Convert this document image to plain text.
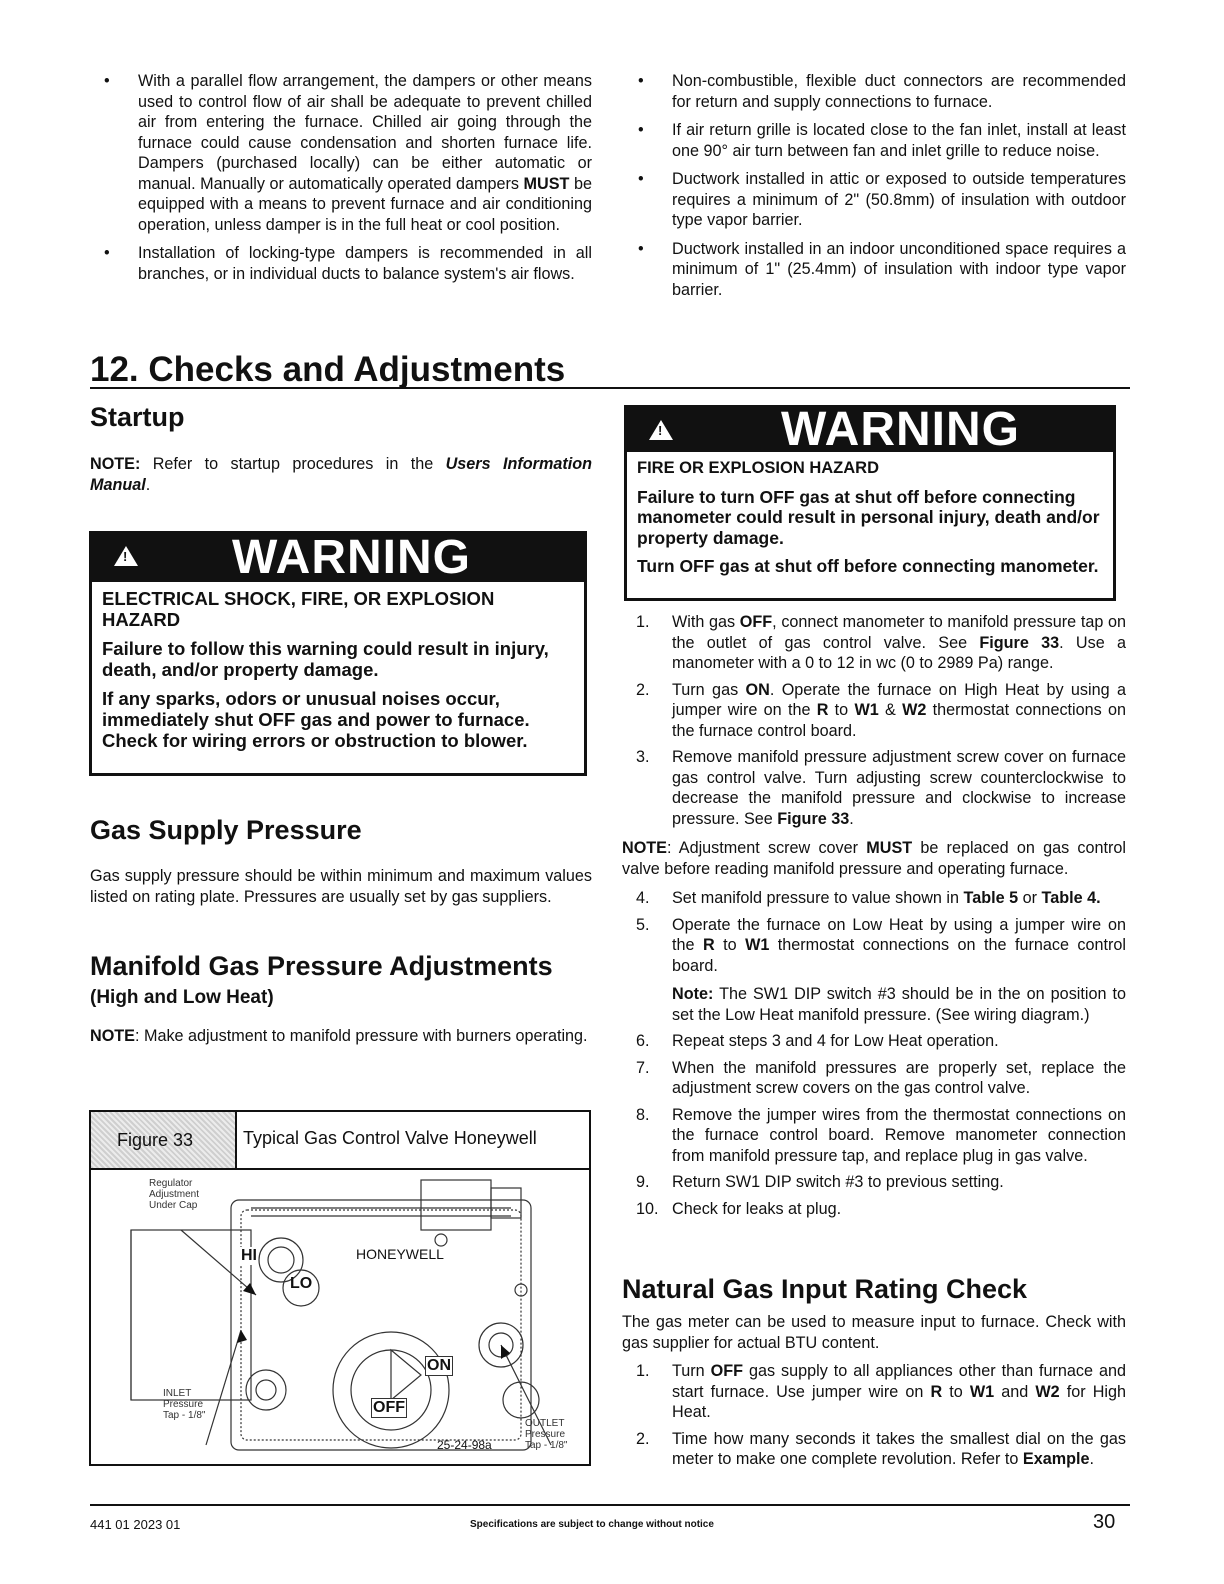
• With a parallel flow arrangement, the dampers or other means used to control flow of air shall be adequate to prevent chilled air from entering the furnace. Chilled air going through the furnace could cause condensation and shorten furnace life. Dampers (purchased locally) can be either automatic or manual. Manually or automatically operated dampers MUST be equipped with a means to prevent furnace and air conditioning operation, unless damper is in the full heat or cool position.
• Installation of locking-type dampers is recommended in all branches, or in individual ducts to balance system's air flows.
• Non-combustible, flexible duct connectors are recommended for return and supply connections to furnace.
• If air return grille is located close to the fan inlet, install at least one 90° air turn between fan and inlet grille to reduce noise.
• Ductwork installed in attic or exposed to outside temperatures requires a minimum of 2" (50.8mm) of insulation with outdoor type vapor barrier.
• Ductwork installed in an indoor unconditioned space requires a minimum of 1" (25.4mm) of insulation with indoor type vapor barrier.
12. Checks and Adjustments
Startup
NOTE: Refer to startup procedures in the Users Information Manual.
! WARNING

ELECTRICAL SHOCK, FIRE, OR EXPLOSION HAZARD

Failure to follow this warning could result in injury, death, and/or property damage.

If any sparks, odors or unusual noises occur, immediately shut OFF gas and power to furnace. Check for wiring errors or obstruction to blower.

Gas Supply Pressure
Gas supply pressure should be within minimum and maximum values listed on rating plate. Pressures are usually set by gas suppliers.
Manifold Gas Pressure Adjustments
(High and Low Heat)
NOTE: Make adjustment to manifold pressure with burners operating.
Figure 33	Typical Gas Control Valve Honeywell
Regulator
Adjustment
Under Cap
HI
LO
HONEYWELL
ON
OFF
INLET
Pressure
Tap - 1/8"
OUTLET
Pressure
Tap - 1/8"
25-24-98a
! WARNING

FIRE OR EXPLOSION HAZARD

Failure to turn OFF gas at shut off before connecting manometer could result in personal injury, death and/or property damage.

Turn OFF gas at shut off before connecting manometer.

1. With gas OFF, connect manometer to manifold pressure tap on the outlet of gas control valve. See Figure 33. Use a manometer with a 0 to 12 in wc (0 to 2989 Pa) range.
2. Turn gas ON. Operate the furnace on High Heat by using a jumper wire on the R to W1 & W2 thermostat connections on the furnace control board.
3. Remove manifold pressure adjustment screw cover on furnace gas control valve. Turn adjusting screw counterclockwise to decrease the manifold pressure and clockwise to increase pressure. See Figure 33.
NOTE: Adjustment screw cover MUST be replaced on gas control valve before reading manifold pressure and operating furnace.
4. Set manifold pressure to value shown in Table 5 or Table 4.
5. Operate the furnace on Low Heat by using a jumper wire on the R to W1 thermostat connections on the furnace control board.
Note: The SW1 DIP switch #3 should be in the on position to set the Low Heat manifold pressure. (See wiring diagram.)
6. Repeat steps 3 and 4 for Low Heat operation.
7. When the manifold pressures are properly set, replace the adjustment screw covers on the gas control valve.
8. Remove the jumper wires from the thermostat connections on the furnace control board. Remove manometer connection from manifold pressure tap, and replace plug in gas valve.
9. Return SW1 DIP switch #3 to previous setting.
10. Check for leaks at plug.
Natural Gas Input Rating Check
The gas meter can be used to measure input to furnace. Check with gas supplier for actual BTU content.
1. Turn OFF gas supply to all appliances other than furnace and start furnace. Use jumper wire on R to W1 and W2 for High Heat.
2. Time how many seconds it takes the smallest dial on the gas meter to make one complete revolution. Refer to Example.
441 01 2023 01	Specifications are subject to change without notice	30
